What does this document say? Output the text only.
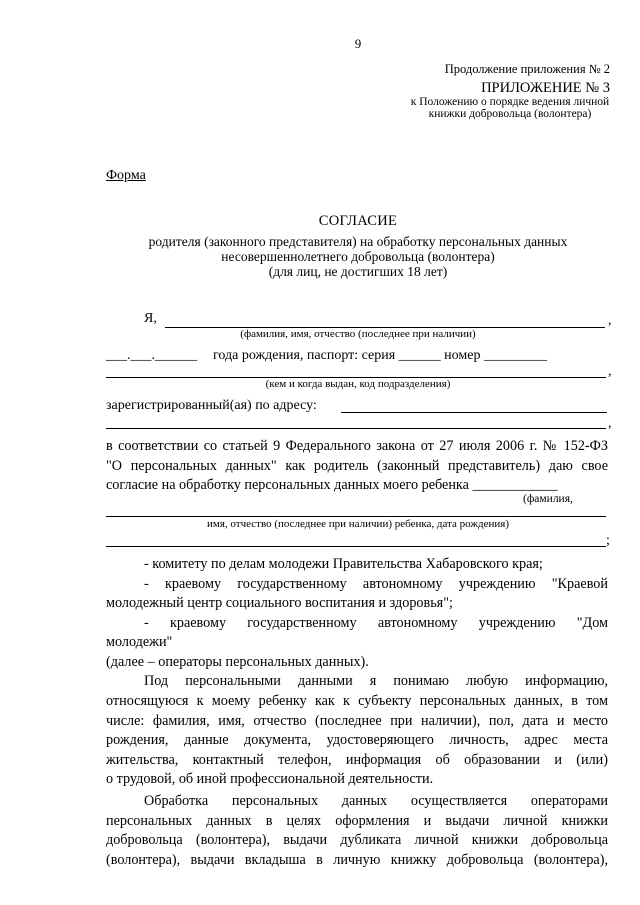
9
Продолжение приложения № 2
ПРИЛОЖЕНИЕ № 3
к Положению о порядке ведения личной книжки добровольца (волонтера)
Форма
СОГЛАСИЕ
родителя (законного представителя) на обработку персональных данных
несовершеннолетнего добровольца (волонтера)
(для лиц, не достигших 18 лет)
Я,	,
(фамилия, имя, отчество (последнее при наличии)
___.___.______ года рождения, паспорт: серия ______ номер _________
,
(кем и когда выдан, код подразделения)
зарегистрированный(ая) по адресу:
,
в соответствии со статьей 9 Федерального закона от 27 июля 2006 г. № 152-ФЗ
"О персональных данных" как родитель (законный представитель) даю свое
согласие на обработку персональных данных моего ребенка ____________
(фамилия,
имя, отчество (последнее при наличии) ребенка, дата рождения)
;
- комитету по делам молодежи Правительства Хабаровского края;
- краевому государственному автономному учреждению "Краевой
молодежный центр социального воспитания и здоровья";
- краевому государственному автономному учреждению "Дом
молодежи"
(далее – операторы персональных данных).
Под персональными данными я понимаю любую информацию,
относящуюся к моему ребенку как к субъекту персональных данных, в том
числе: фамилия, имя, отчество (последнее при наличии), пол, дата и место
рождения, данные документа, удостоверяющего личность, адрес места
жительства, контактный телефон, информация об образовании и (или)
о трудовой, об иной профессиональной деятельности.
Обработка персональных данных осуществляется операторами
персональных данных в целях оформления и выдачи личной книжки
добровольца (волонтера), выдачи дубликата личной книжки добровольца
(волонтера), выдачи вкладыша в личную книжку добровольца (волонтера),
